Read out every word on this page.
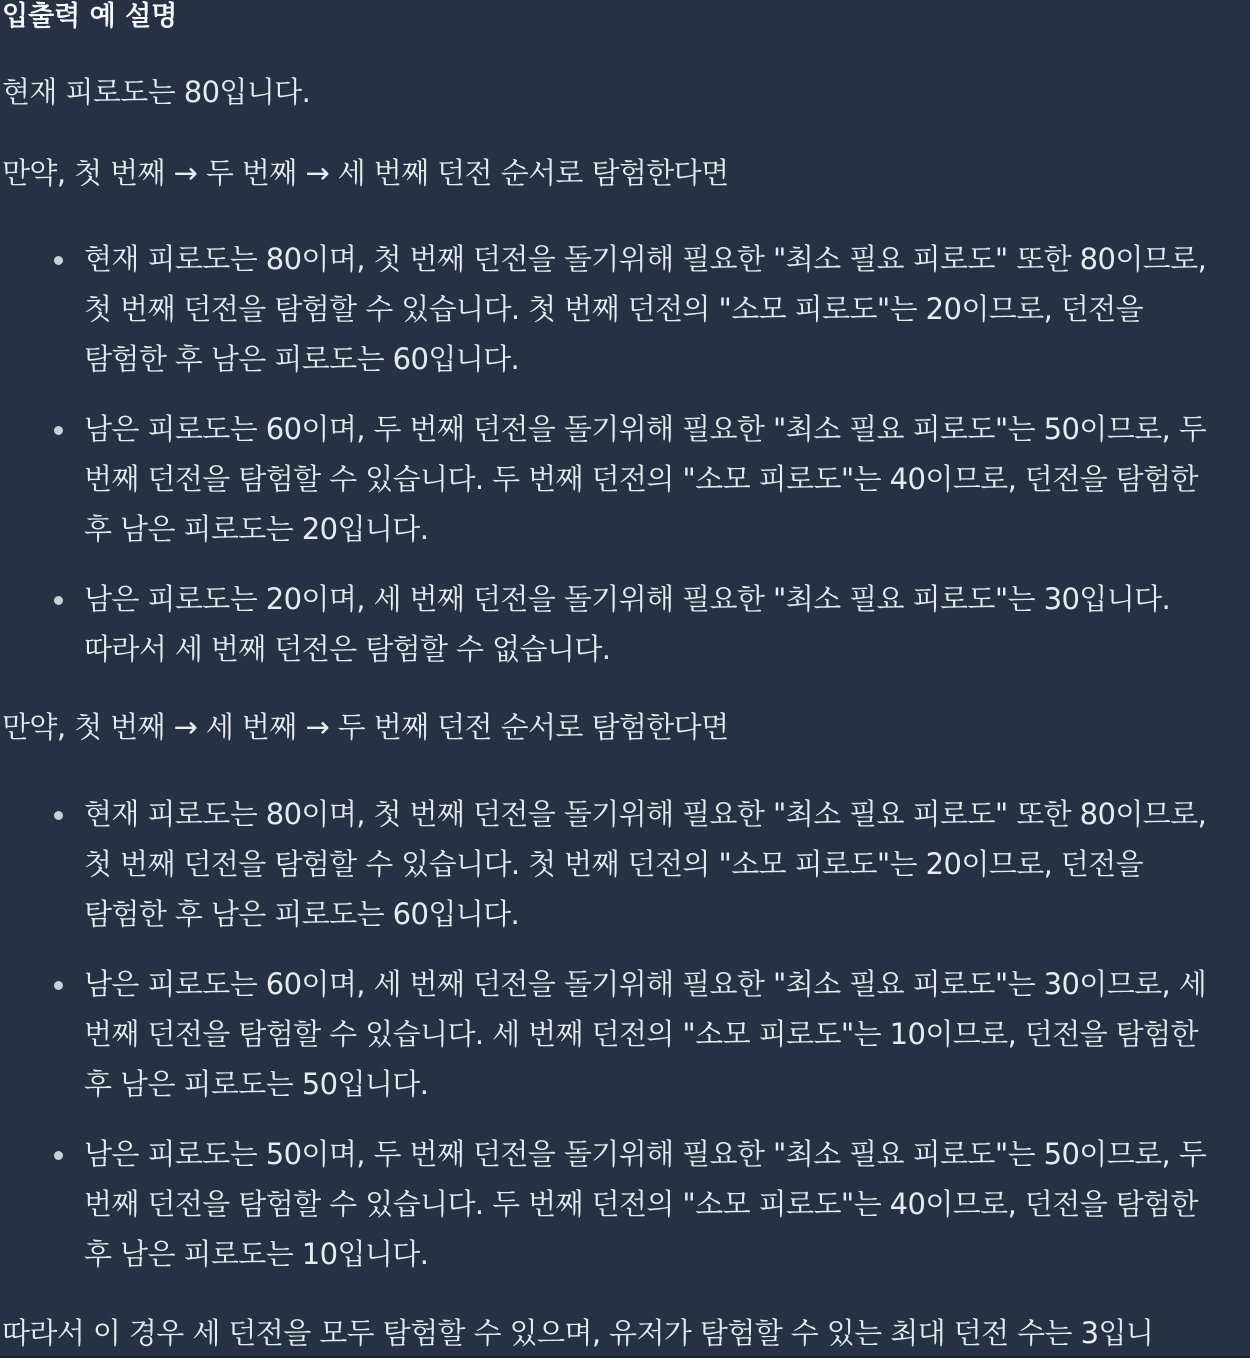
입출력 예 설명

현재 피로도는 80입니다.

만약, 첫 번째 → 두 번째 → 세 번째 던전 순서로 탐험한다면

현재 피로도는 80이며, 첫 번째 던전을 돌기위해 필요한 "최소 필요 피로도" 또한 80이므로, 첫 번째 던전을 탐험할 수 있습니다. 첫 번째 던전의 "소모 피로도"는 20이므로, 던전을 탐험한 후 남은 피로도는 60입니다.
남은 피로도는 60이며, 두 번째 던전을 돌기위해 필요한 "최소 필요 피로도"는 50이므로, 두 번째 던전을 탐험할 수 있습니다. 두 번째 던전의 "소모 피로도"는 40이므로, 던전을 탐험한 후 남은 피로도는 20입니다.
남은 피로도는 20이며, 세 번째 던전을 돌기위해 필요한 "최소 필요 피로도"는 30입니다. 따라서 세 번째 던전은 탐험할 수 없습니다.

만약, 첫 번째 → 세 번째 → 두 번째 던전 순서로 탐험한다면

현재 피로도는 80이며, 첫 번째 던전을 돌기위해 필요한 "최소 필요 피로도" 또한 80이므로, 첫 번째 던전을 탐험할 수 있습니다. 첫 번째 던전의 "소모 피로도"는 20이므로, 던전을 탐험한 후 남은 피로도는 60입니다.
남은 피로도는 60이며, 세 번째 던전을 돌기위해 필요한 "최소 필요 피로도"는 30이므로, 세 번째 던전을 탐험할 수 있습니다. 세 번째 던전의 "소모 피로도"는 10이므로, 던전을 탐험한 후 남은 피로도는 50입니다.
남은 피로도는 50이며, 두 번째 던전을 돌기위해 필요한 "최소 필요 피로도"는 50이므로, 두 번째 던전을 탐험할 수 있습니다. 두 번째 던전의 "소모 피로도"는 40이므로, 던전을 탐험한 후 남은 피로도는 10입니다.

따라서 이 경우 세 던전을 모두 탐험할 수 있으며, 유저가 탐험할 수 있는 최대 던전 수는 3입니
